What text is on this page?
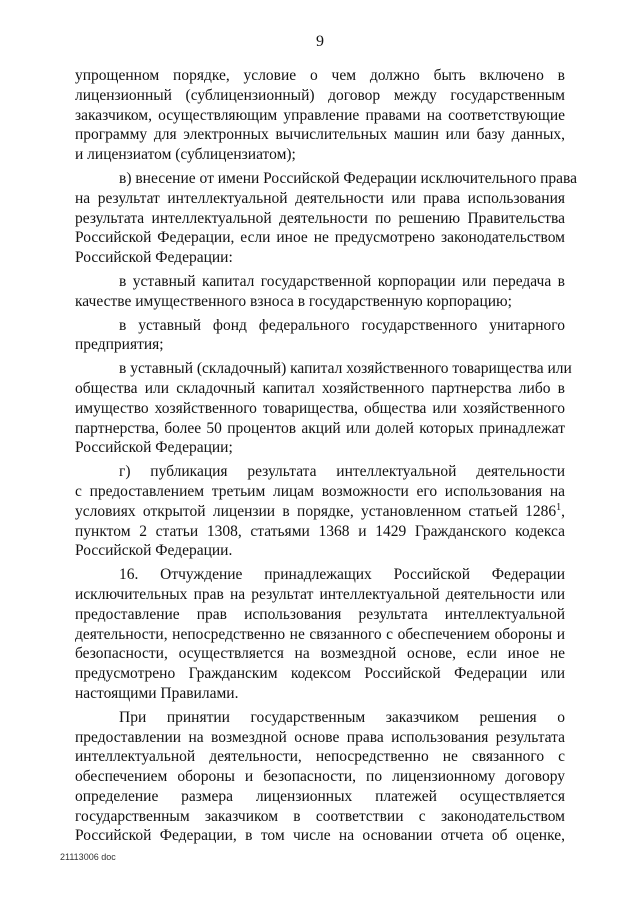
9
упрощенном порядке, условие о чем должно быть включено в
лицензионный (сублицензионный) договор между государственным
заказчиком, осуществляющим управление правами на соответствующие
программу для электронных вычислительных машин или базу данных,
и лицензиатом (сублицензиатом);
в) внесение от имени Российской Федерации исключительного права
на результат интеллектуальной деятельности или права использования
результата интеллектуальной деятельности по решению Правительства
Российской Федерации, если иное не предусмотрено законодательством
Российской Федерации:
в уставный капитал государственной корпорации или передача в
качестве имущественного взноса в государственную корпорацию;
в уставный фонд федерального государственного унитарного
предприятия;
в уставный (складочный) капитал хозяйственного товарищества или
общества или складочный капитал хозяйственного партнерства либо в
имущество хозяйственного товарищества, общества или хозяйственного
партнерства, более 50 процентов акций или долей которых принадлежат
Российской Федерации;
г) публикация результата интеллектуальной деятельности
с предоставлением третьим лицам возможности его использования на
условиях открытой лицензии в порядке, установленном статьей 1286$^1$,
пунктом 2 статьи 1308, статьями 1368 и 1429 Гражданского кодекса
Российской Федерации.
16. Отчуждение принадлежащих Российской Федерации
исключительных прав на результат интеллектуальной деятельности или
предоставление прав использования результата интеллектуальной
деятельности, непосредственно не связанного с обеспечением обороны и
безопасности, осуществляется на возмездной основе, если иное не
предусмотрено Гражданским кодексом Российской Федерации или
настоящими Правилами.
При принятии государственным заказчиком решения о
предоставлении на возмездной основе права использования результата
интеллектуальной деятельности, непосредственно не связанного с
обеспечением обороны и безопасности, по лицензионному договору
определение размера лицензионных платежей осуществляется
государственным заказчиком в соответствии с законодательством
Российской Федерации, в том числе на основании отчета об оценке,
21113006 doc
